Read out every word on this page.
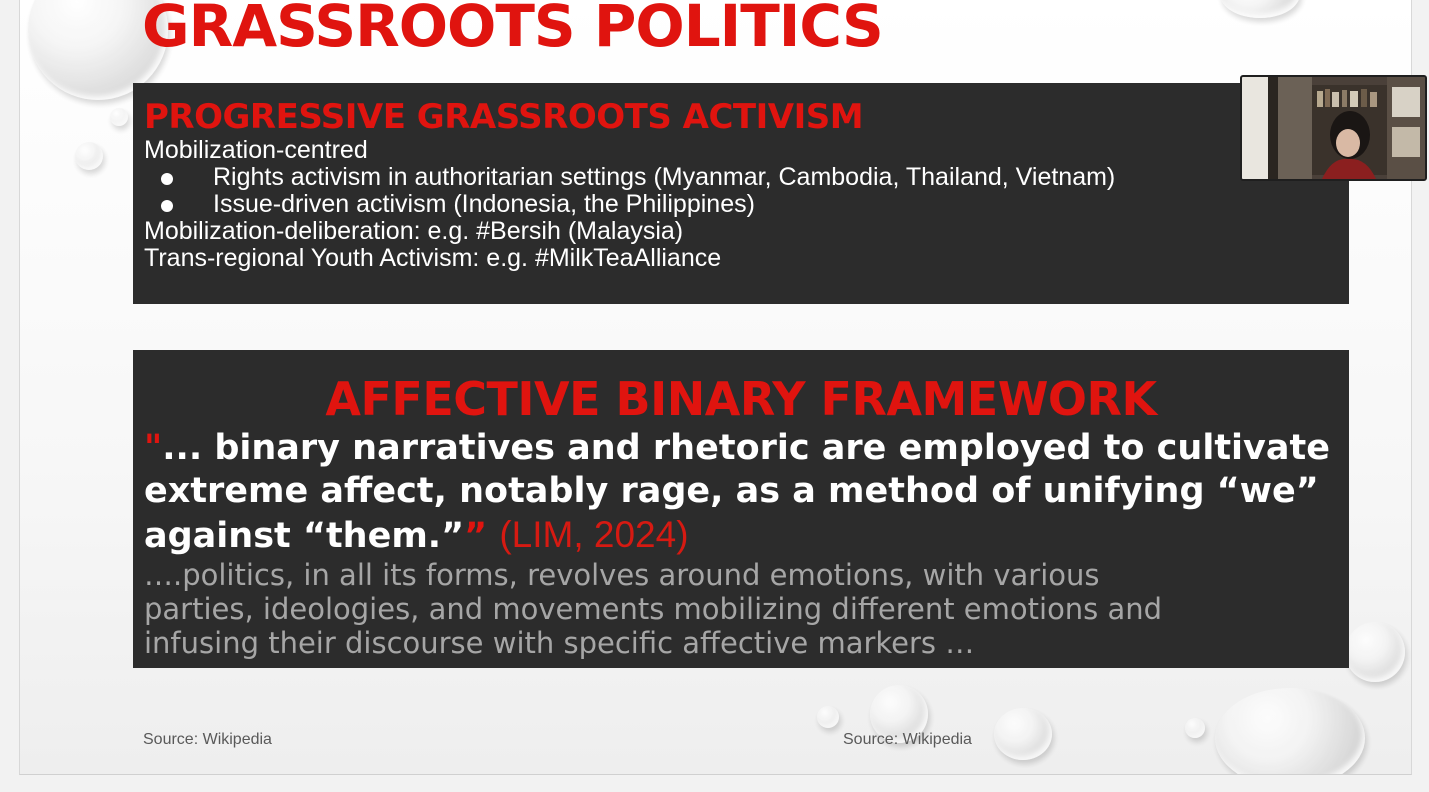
GRASSROOTS POLITICS
PROGRESSIVE GRASSROOTS ACTIVISM
Mobilization-centred
Rights activism in authoritarian settings (Myanmar, Cambodia, Thailand, Vietnam)
Issue-driven activism (Indonesia, the Philippines)
Mobilization-deliberation: e.g. #Bersih (Malaysia)
Trans-regional Youth Activism: e.g. #MilkTeaAlliance
AFFECTIVE BINARY FRAMEWORK
"... binary narratives and rhetoric are employed to cultivate
extreme affect, notably rage, as a method of unifying “we”
against “them.”” (LIM, 2024)
….politics, in all its forms, revolves around emotions, with various
parties, ideologies, and movements mobilizing different emotions and
infusing their discourse with specific affective markers …
Source: Wikipedia	Source: Wikipedia
